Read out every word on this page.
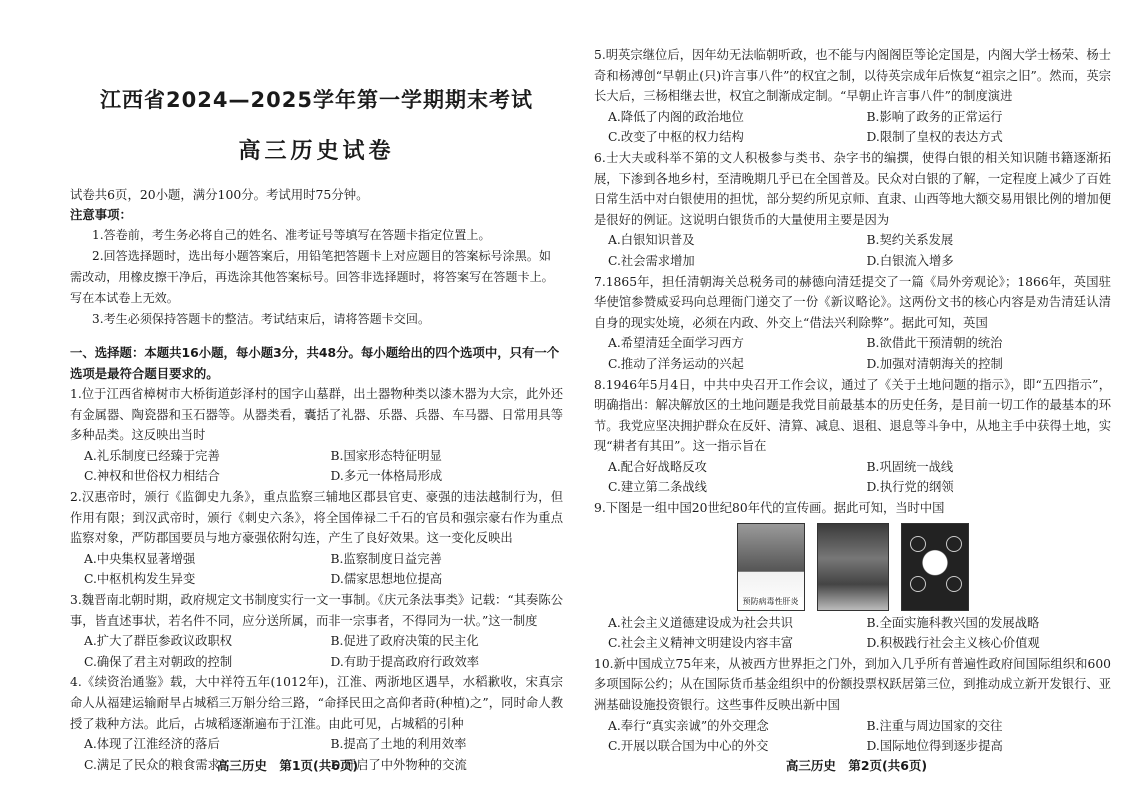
江西省2024—2025学年第一学期期末考试
高三历史试卷
试卷共6页，20小题，满分100分。考试用时75分钟。
注意事项：
1.答卷前，考生务必将自己的姓名、准考证号等填写在答题卡指定位置上。
2.回答选择题时，选出每小题答案后，用铅笔把答题卡上对应题目的答案标号涂黑。如需改动，用橡皮擦干净后，再选涂其他答案标号。回答非选择题时，将答案写在答题卡上。写在本试卷上无效。
3.考生必须保持答题卡的整洁。考试结束后，请将答题卡交回。
一、选择题：本题共16小题，每小题3分，共48分。每小题给出的四个选项中，只有一个选项是最符合题目要求的。
1.位于江西省樟树市大桥街道彭泽村的国字山墓群，出土器物种类以漆木器为大宗，此外还有金属器、陶瓷器和玉石器等。从器类看，囊括了礼器、乐器、兵器、车马器、日常用具等多种品类。这反映出当时
A.礼乐制度已经臻于完善	B.国家形态特征明显
C.神权和世俗权力相结合	D.多元一体格局形成
2.汉惠帝时，颁行《监御史九条》，重点监察三辅地区郡县官吏、豪强的违法越制行为，但作用有限；到汉武帝时，颁行《刺史六条》，将全国俸禄二千石的官员和强宗豪右作为重点监察对象，严防郡国要员与地方豪强依附勾连，产生了良好效果。这一变化反映出
A.中央集权显著增强	B.监察制度日益完善
C.中枢机构发生异变	D.儒家思想地位提高
3.魏晋南北朝时期，政府规定文书制度实行一文一事制。《庆元条法事类》记载：“其奏陈公事，皆直述事状，若名件不同，应分送所属，而非一宗事者，不得同为一状。”这一制度
A.扩大了群臣参政议政职权	B.促进了政府决策的民主化
C.确保了君主对朝政的控制	D.有助于提高政府行政效率
4.《续资治通鉴》载，大中祥符五年(1012年)，江淮、两浙地区遇旱，水稻歉收，宋真宗命人从福建运输耐旱占城稻三万斛分给三路，“命择民田之高仰者莳(种植)之”，同时命人教授了栽种方法。此后，占城稻逐渐遍布于江淮。由此可见，占城稻的引种
A.体现了江淮经济的落后	B.提高了土地的利用效率
C.满足了民众的粮食需求	D.开启了中外物种的交流
高三历史　第1页(共6页)
5.明英宗继位后，因年幼无法临朝听政，也不能与内阁阁臣等论定国是，内阁大学士杨荣、杨士奇和杨溥创“早朝止(只)许言事八件”的权宜之制，以待英宗成年后恢复“祖宗之旧”。然而，英宗长大后，三杨相继去世，权宜之制渐成定制。“早朝止许言事八件”的制度演进
A.降低了内阁的政治地位	B.影响了政务的正常运行
C.改变了中枢的权力结构	D.限制了皇权的表达方式
6.士大夫或科举不第的文人积极参与类书、杂字书的编撰，使得白银的相关知识随书籍逐渐拓展，下渗到各地乡村，至清晚期几乎已在全国普及。民众对白银的了解，一定程度上减少了百姓日常生活中对白银使用的担忧，部分契约所见京师、直隶、山西等地大额交易用银比例的增加便是很好的例证。这说明白银货币的大量使用主要是因为
A.白银知识普及	B.契约关系发展
C.社会需求增加	D.白银流入增多
7.1865年，担任清朝海关总税务司的赫德向清廷提交了一篇《局外旁观论》；1866年，英国驻华使馆参赞威妥玛向总理衙门递交了一份《新议略论》。这两份文书的核心内容是劝告清廷认清自身的现实处境，必须在内政、外交上“借法兴利除弊”。据此可知，英国
A.希望清廷全面学习西方	B.欲借此干预清朝的统治
C.推动了洋务运动的兴起	D.加强对清朝海关的控制
8.1946年5月4日，中共中央召开工作会议，通过了《关于土地问题的指示》，即“五四指示”，明确指出：解决解放区的土地问题是我党目前最基本的历史任务，是目前一切工作的最基本的环节。我党应坚决拥护群众在反奸、清算、减息、退租、退息等斗争中，从地主手中获得土地，实现“耕者有其田”。这一指示旨在
A.配合好战略反攻	B.巩固统一战线
C.建立第二条战线	D.执行党的纲领
9.下图是一组中国20世纪80年代的宣传画。据此可知，当时中国
预防病毒性肝炎
A.社会主义道德建设成为社会共识	B.全面实施科教兴国的发展战略
C.社会主义精神文明建设内容丰富	D.积极践行社会主义核心价值观
10.新中国成立75年来，从被西方世界拒之门外，到加入几乎所有普遍性政府间国际组织和600多项国际公约；从在国际货币基金组织中的份额投票权跃居第三位，到推动成立新开发银行、亚洲基础设施投资银行。这些事件反映出新中国
A.奉行“真实亲诚”的外交理念	B.注重与周边国家的交往
C.开展以联合国为中心的外交	D.国际地位得到逐步提高
高三历史　第2页(共6页)
